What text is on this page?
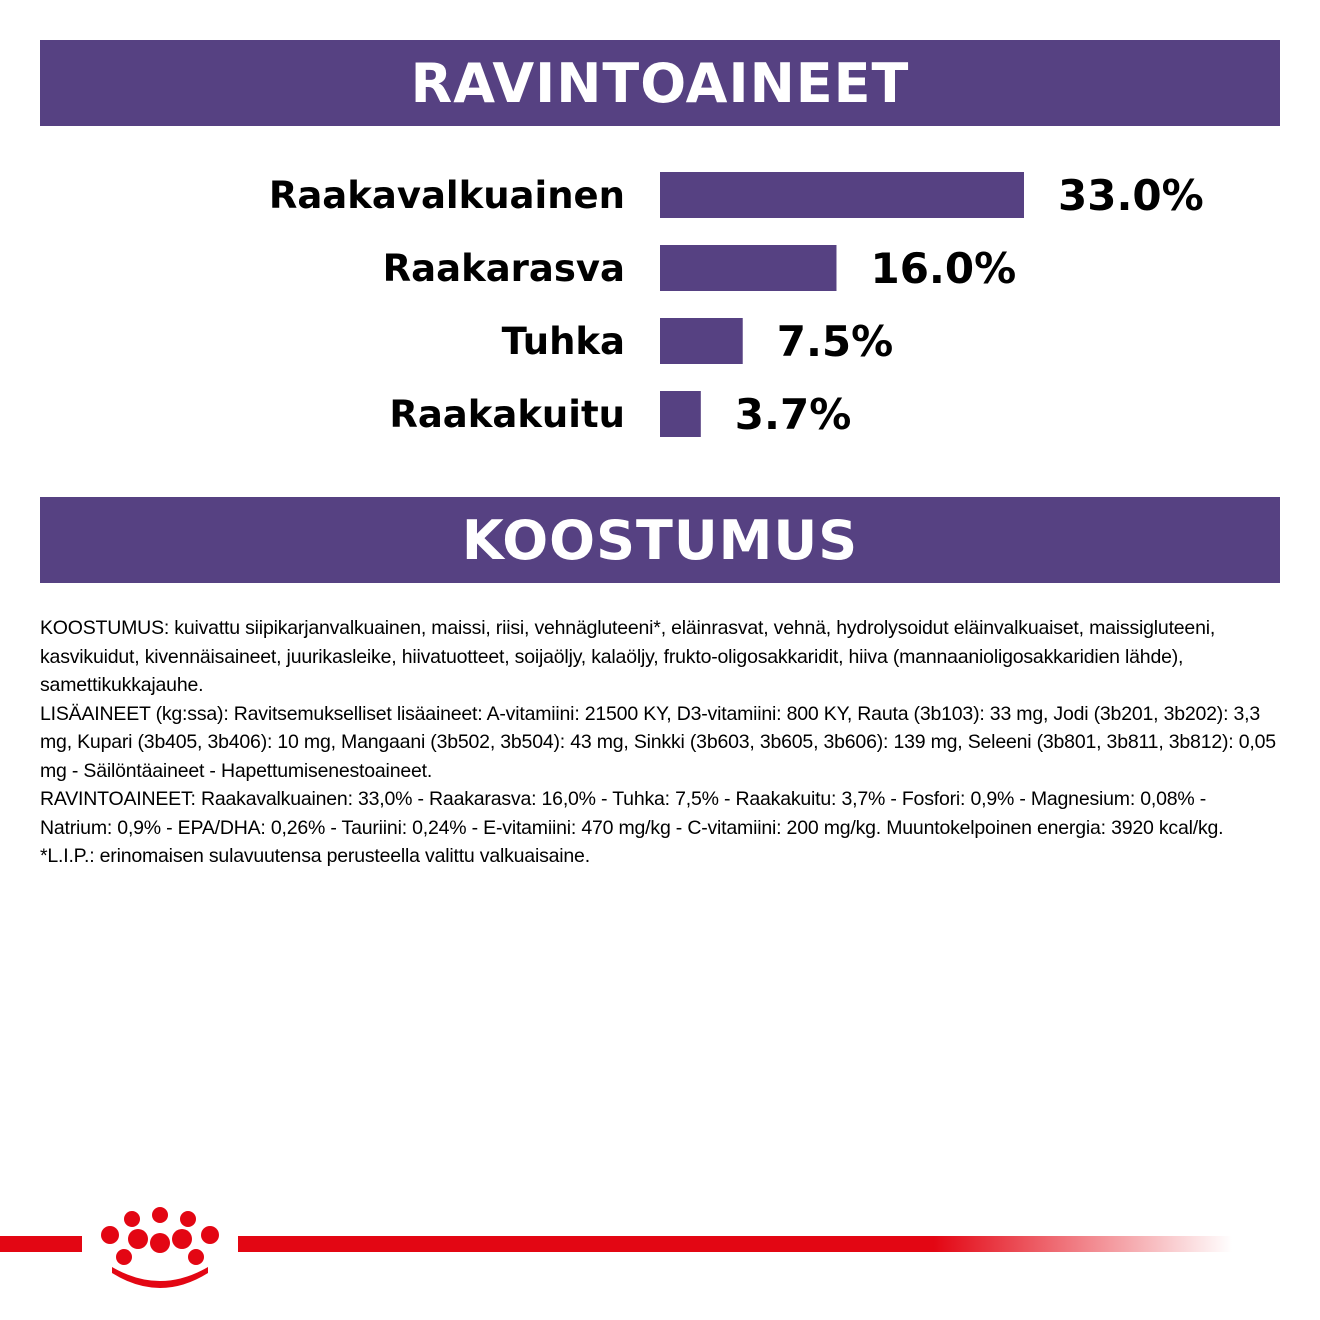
RAVINTOAINEET
Raakavalkuainen	33.0%
Raakarasva	16.0%
Tuhka	7.5%
Raakakuitu	3.7%
KOOSTUMUS

KOOSTUMUS: kuivattu siipikarjanvalkuainen, maissi, riisi, vehnägluteeni*, eläinrasvat, vehnä, hydrolysoidut eläinvalkuaiset, maissigluteeni, kasvikuidut, kivennäisaineet, juurikasleike, hiivatuotteet, soijaöljy, kalaöljy, frukto-oligosakkaridit, hiiva (mannaanioligosakkaridien lähde), samettikukkajauhe.

LISÄAINEET (kg:ssa): Ravitsemukselliset lisäaineet: A-vitamiini: 21500 KY, D3-vitamiini: 800 KY, Rauta (3b103): 33 mg, Jodi (3b201, 3b202): 3,3 mg, Kupari (3b405, 3b406): 10 mg, Mangaani (3b502, 3b504): 43 mg, Sinkki (3b603, 3b605, 3b606): 139 mg, Seleeni (3b801, 3b811, 3b812): 0,05 mg - Säilöntäaineet - Hapettumisenestoaineet.

RAVINTOAINEET: Raakavalkuainen: 33,0% - Raakarasva: 16,0% - Tuhka: 7,5% - Raakakuitu: 3,7% - Fosfori: 0,9% - Magnesium: 0,08% - Natrium: 0,9% - EPA/DHA: 0,26% - Tauriini: 0,24% - E-vitamiini: 470 mg/kg - C-vitamiini: 200 mg/kg. Muuntokelpoinen energia: 3920 kcal/kg.

*L.I.P.: erinomaisen sulavuutensa perusteella valittu valkuaisaine.
